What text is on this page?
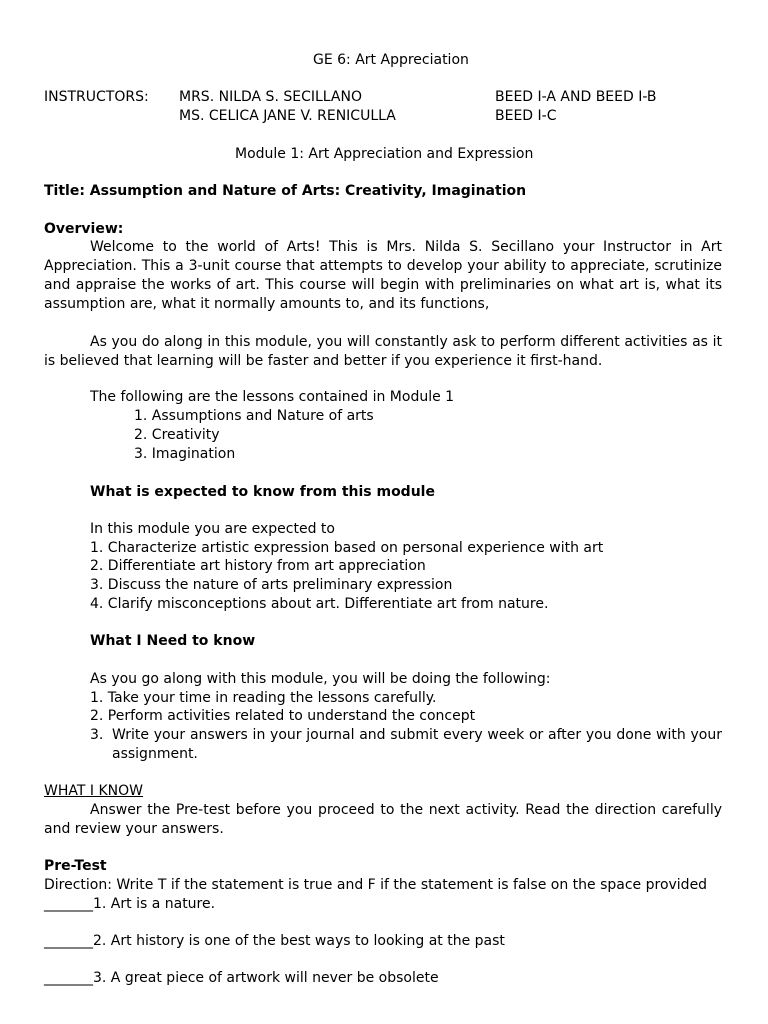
GE 6: Art Appreciation
INSTRUCTORS: MRS. NILDA S. SECILLANO	BEED I-A AND BEED I-B
MS. CELICA JANE V. RENICULLA	BEED I-C
Module 1: Art Appreciation and Expression
Title: Assumption and Nature of Arts: Creativity, Imagination
Overview:
Welcome to the world of Arts! This is Mrs. Nilda S. Secillano your Instructor in Art Appreciation. This a 3-unit course that attempts to develop your ability to appreciate, scrutinize and appraise the works of art. This course will begin with preliminaries on what art is, what its assumption are, what it normally amounts to, and its functions,
As you do along in this module, you will constantly ask to perform different activities as it is believed that learning will be faster and better if you experience it first-hand.
The following are the lessons contained in Module 1
1. Assumptions and Nature of arts
2. Creativity
3. Imagination
What is expected to know from this module
In this module you are expected to
1. Characterize artistic expression based on personal experience with art
2. Differentiate art history from art appreciation
3. Discuss the nature of arts preliminary expression
4. Clarify misconceptions about art. Differentiate art from nature.
What I Need to know
As you go along with this module, you will be doing the following:
1. Take your time in reading the lessons carefully.
2. Perform activities related to understand the concept
3. Write your answers in your journal and submit every week or after you done with your assignment.
WHAT I KNOW
Answer the Pre-test before you proceed to the next activity. Read the direction carefully and review your answers.
Pre-Test
Direction: Write T if the statement is true and F if the statement is false on the space provided
_______1. Art is a nature.
_______2. Art history is one of the best ways to looking at the past
_______3. A great piece of artwork will never be obsolete
